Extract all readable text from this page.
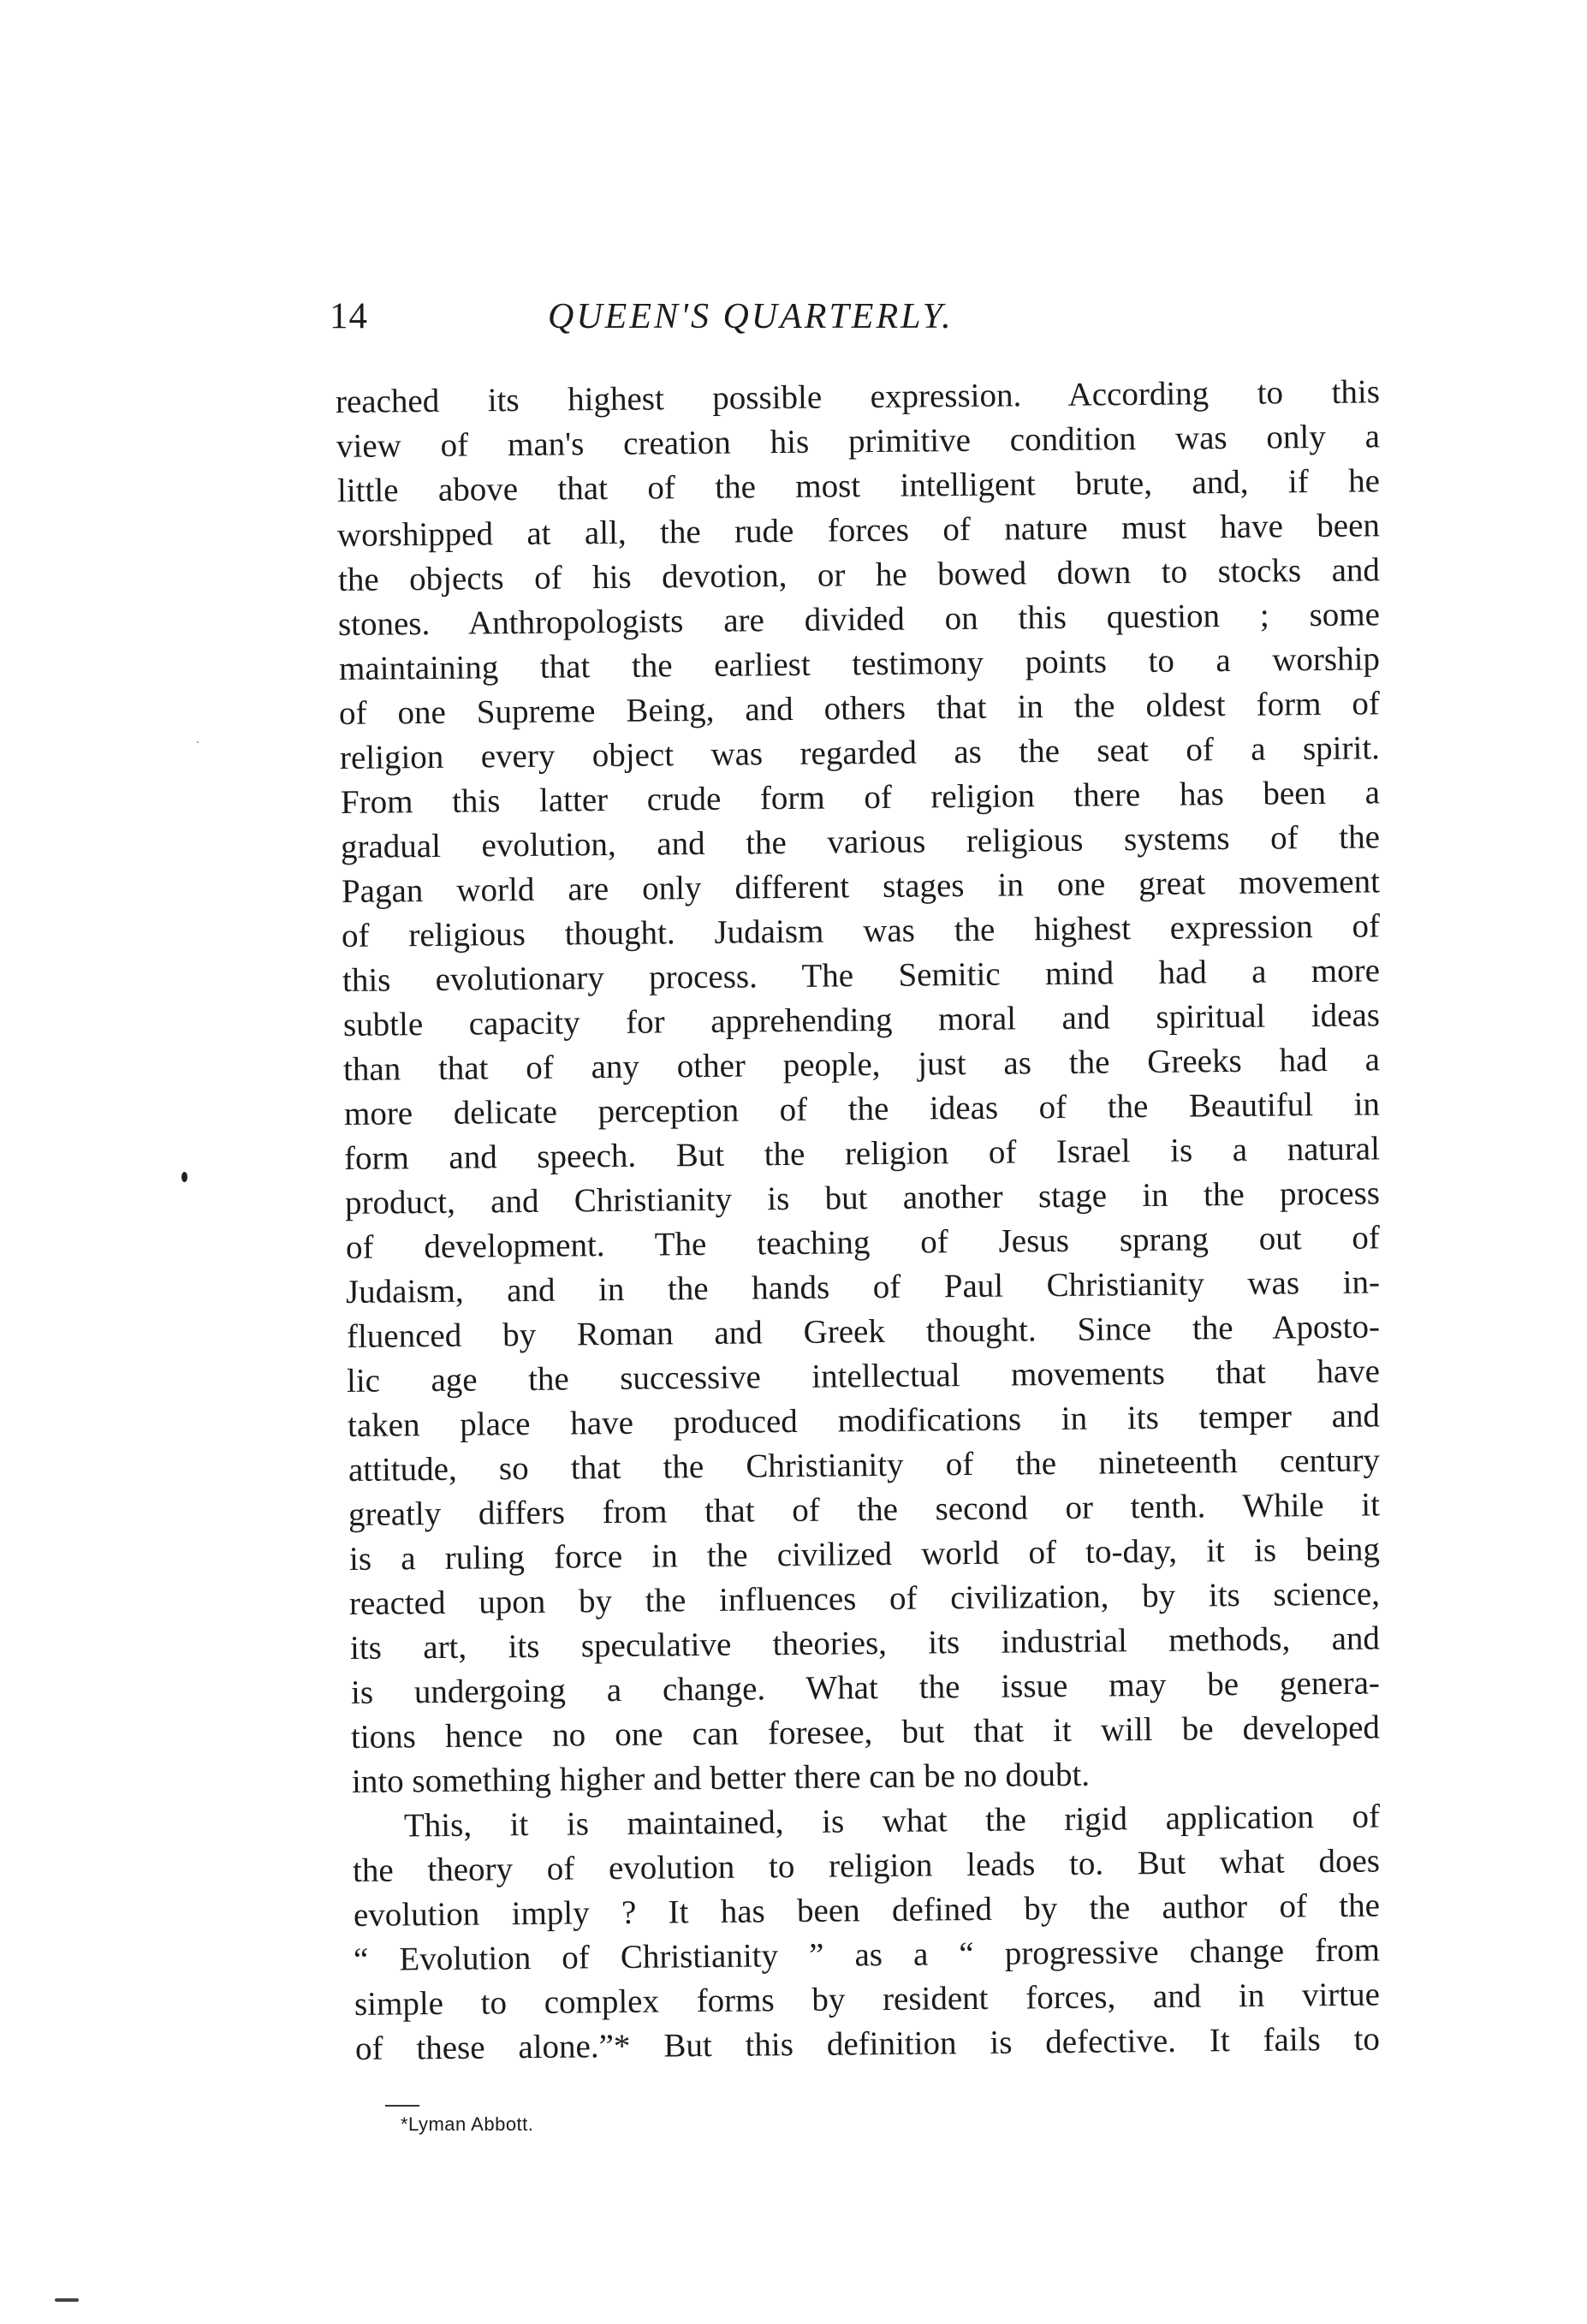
14	QUEEN'S QUARTERLY.
reached its highest possible expression. According to this
view of man's creation his primitive condition was only a
little above that of the most intelligent brute, and, if he
worshipped at all, the rude forces of nature must have been
the objects of his devotion, or he bowed down to stocks and
stones. Anthropologists are divided on this question ; some
maintaining that the earliest testimony points to a worship
of one Supreme Being, and others that in the oldest form of
religion every object was regarded as the seat of a spirit.
From this latter crude form of religion there has been a
gradual evolution, and the various religious systems of the
Pagan world are only different stages in one great movement
of religious thought. Judaism was the highest expression of
this evolutionary process. The Semitic mind had a more
subtle capacity for apprehending moral and spiritual ideas
than that of any other people, just as the Greeks had a
more delicate perception of the ideas of the Beautiful in
form and speech. But the religion of Israel is a natural
product, and Christianity is but another stage in the process
of development. The teaching of Jesus sprang out of
Judaism, and in the hands of Paul Christianity was in-
fluenced by Roman and Greek thought. Since the Aposto-
lic age the successive intellectual movements that have
taken place have produced modifications in its temper and
attitude, so that the Christianity of the nineteenth century
greatly differs from that of the second or tenth. While it
is a ruling force in the civilized world of to-day, it is being
reacted upon by the influences of civilization, by its science,
its art, its speculative theories, its industrial methods, and
is undergoing a change. What the issue may be genera-
tions hence no one can foresee, but that it will be developed
into something higher and better there can be no doubt.
This, it is maintained, is what the rigid application of
the theory of evolution to religion leads to. But what does
evolution imply ? It has been defined by the author of the
“ Evolution of Christianity ” as a “ progressive change from
simple to complex forms by resident forces, and in virtue
of these alone.”* But this definition is defective. It fails to
*Lyman Abbott.
